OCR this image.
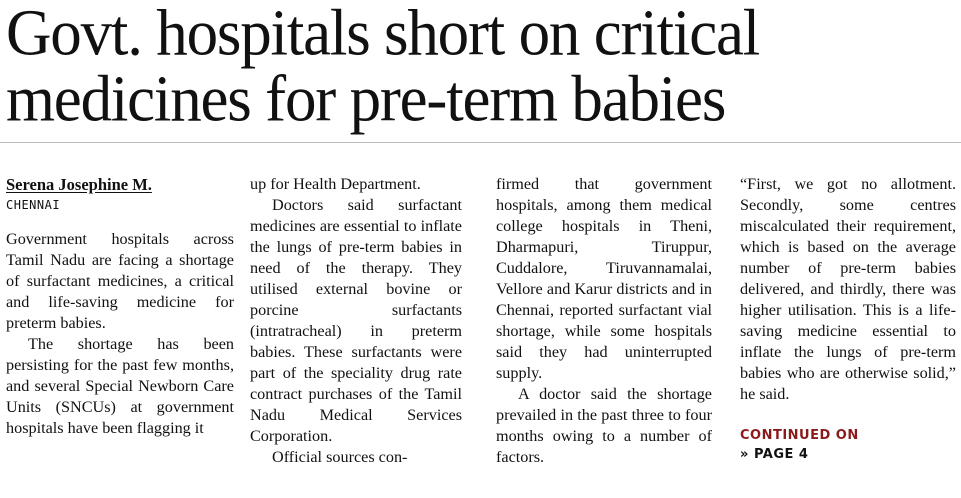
Govt. hospitals short on critical
medicines for pre-term babies

Serena Josephine M.

CHENNAI

Government hospitals across Tamil Nadu are facing a shortage of surfactant medicines, a critical and life-saving medicine for preterm babies.

The shortage has been persisting for the past few months, and several Special Newborn Care Units (SNCUs) at government hospitals have been flagging it

up for Health Department.

Doctors said surfactant medicines are essential to inflate the lungs of pre-term babies in need of the therapy. They utilised external bovine or porcine surfactants (intratracheal) in preterm babies. These surfactants were part of the speciality drug rate contract purchases of the Tamil Nadu Medical Services Corporation.

Official sources con-

firmed that government hospitals, among them medical college hospitals in Theni, Dharmapuri, Tiruppur, Cuddalore, Tiruvannamalai, Vellore and Karur districts and in Chennai, reported surfactant vial shortage, while some hospitals said they had uninterrupted supply.

A doctor said the shortage prevailed in the past three to four months owing to a number of factors.

“First, we got no allotment. Secondly, some centres miscalculated their requirement, which is based on the average number of pre-term babies delivered, and thirdly, there was higher utilisation. This is a life-saving medicine essential to inflate the lungs of pre-term babies who are otherwise solid,” he said.

CONTINUED ON

» PAGE 4
